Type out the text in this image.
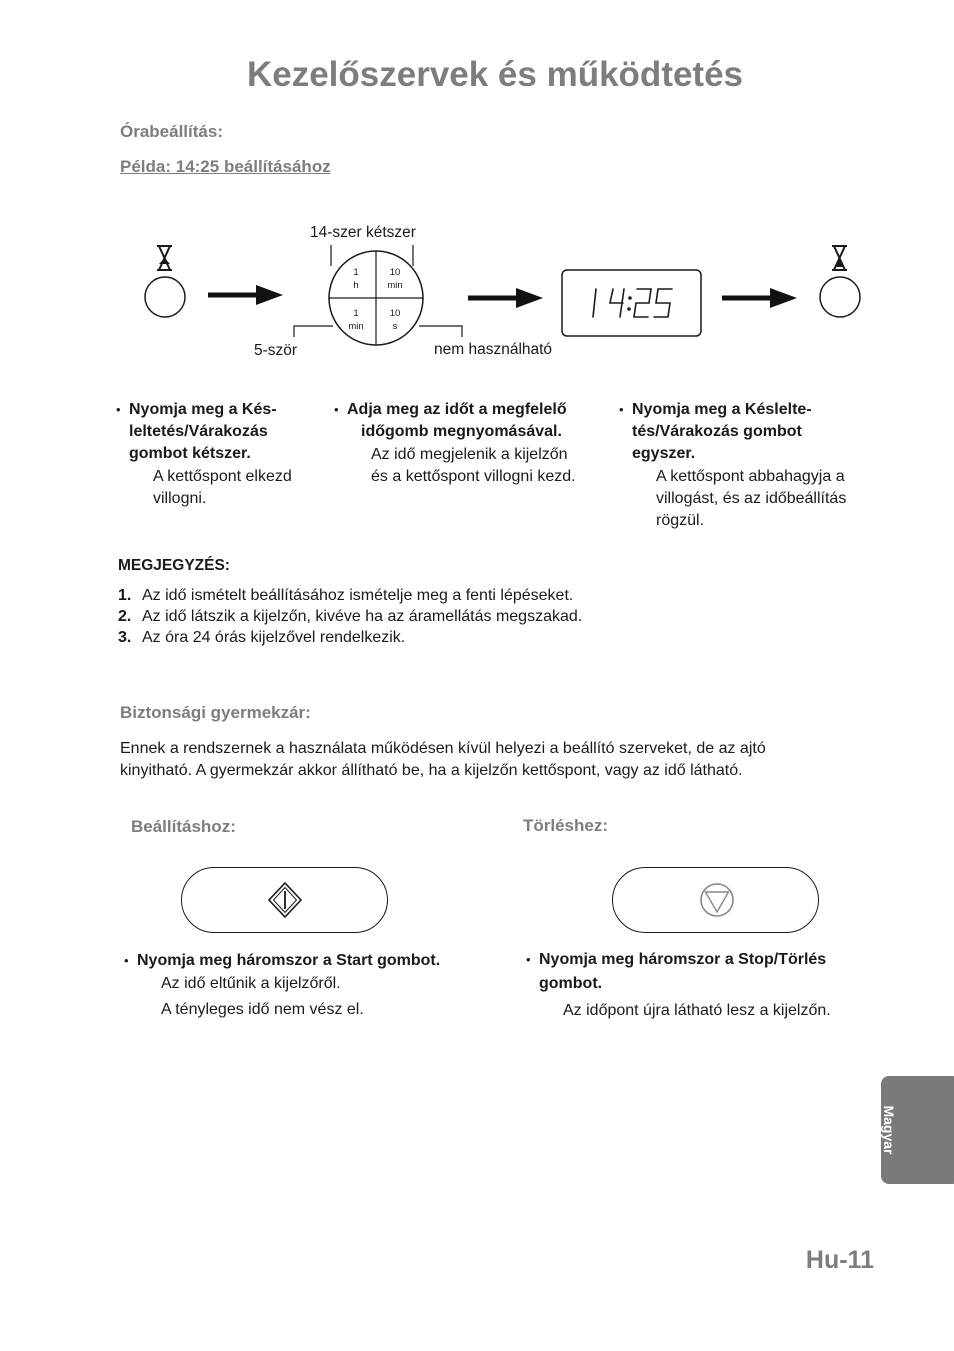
Kezelőszervek és működtetés
Órabeállítás:
Példa: 14:25 beállításához
14-szer kétszer
5-ször	nem használható
1
h
10
min
1
min
10
s
• Nyomja meg a Kés-
leltetés/Várakozás
gombot kétszer.
A kettőspont elkezd
villogni.
• Adja meg az időt a megfelelő
időgomb megnyomásával.
Az idő megjelenik a kijelzőn
és a kettőspont villogni kezd.
• Nyomja meg a Késlelte-
tés/Várakozás gombot
egyszer.
A kettőspont abbahagyja a
villogást, és az időbeállítás
rögzül.
MEGJEGYZÉS:
1. Az idő ismételt beállításához ismételje meg a fenti lépéseket.
2. Az idő látszik a kijelzőn, kivéve ha az áramellátás megszakad.
3. Az óra 24 órás kijelzővel rendelkezik.
Biztonsági gyermekzár:
Ennek a rendszernek a használata működésen kívül helyezi a beállító szerveket, de az ajtó
kinyitható. A gyermekzár akkor állítható be, ha a kijelzőn kettőspont, vagy az idő látható.
Beállításhoz:	Törléshez:
• Nyomja meg háromszor a Start gombot.
Az idő eltűnik a kijelzőről.
A tényleges idő nem vész el.
• Nyomja meg háromszor a Stop/Törlés
gombot.
Az időpont újra látható lesz a kijelzőn.
Magyar
Hu-11
